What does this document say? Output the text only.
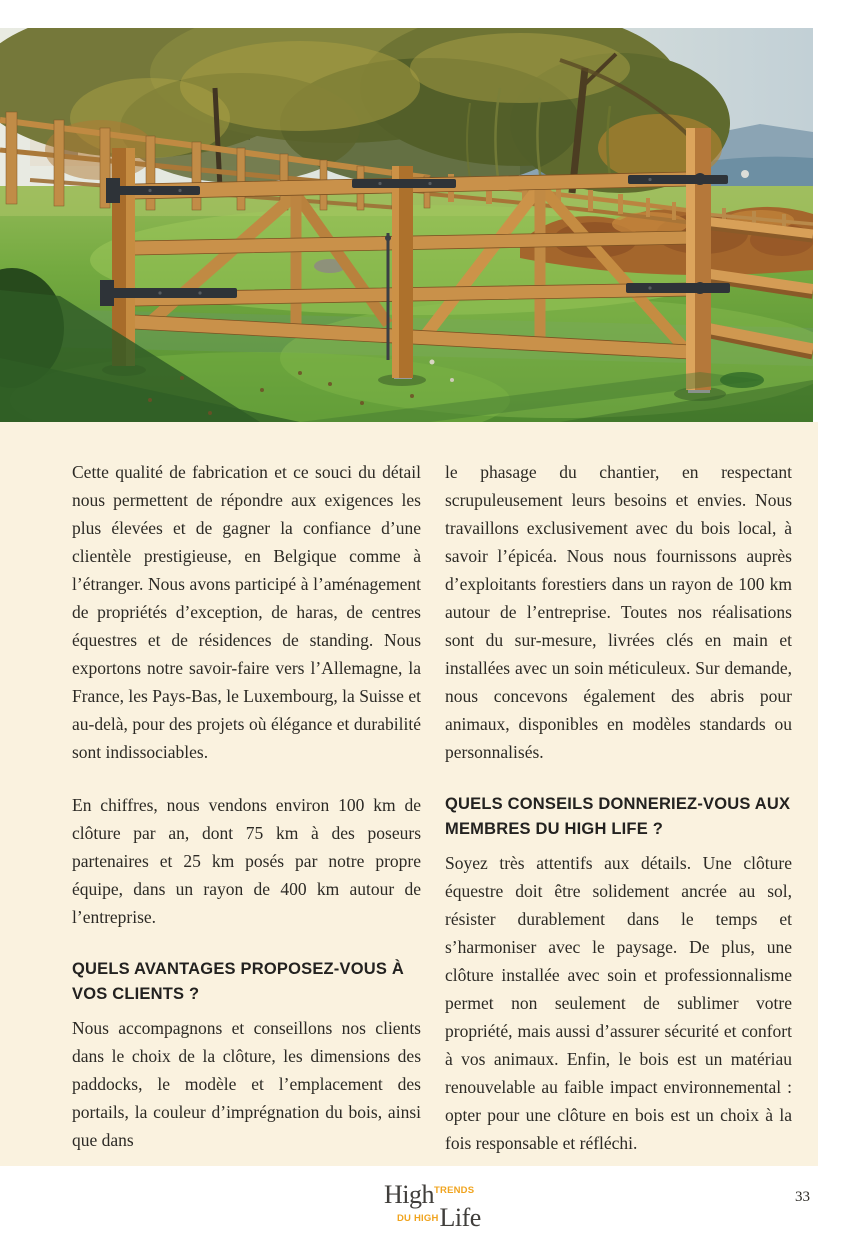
Cette qualité de fabrication et ce souci du détail nous permettent de répondre aux exigences les plus élevées et de gagner la confiance d’une clientèle prestigieuse, en Belgique comme à l’étranger. Nous avons participé à l’aménagement de propriétés d’exception, de haras, de centres équestres et de résidences de standing. Nous exportons notre savoir-faire vers l’Allemagne, la France, les Pays-Bas, le Luxembourg, la Suisse et au-delà, pour des projets où élégance et durabilité sont indissociables.

En chiffres, nous vendons environ 100 km de clôture par an, dont 75 km à des poseurs partenaires et 25 km posés par notre propre équipe, dans un rayon de 400 km autour de l’entreprise.

QUELS AVANTAGES PROPOSEZ-VOUS À VOS CLIENTS ?

Nous accompagnons et conseillons nos clients dans le choix de la clôture, les dimensions des paddocks, le modèle et l’emplacement des portails, la couleur d’imprégnation du bois, ainsi que dans

le phasage du chantier, en respectant scrupuleusement leurs besoins et envies. Nous travaillons exclusivement avec du bois local, à savoir l’épicéa. Nous nous fournissons auprès d’exploitants forestiers dans un rayon de 100 km autour de l’entreprise. Toutes nos réalisations sont du sur-mesure, livrées clés en main et installées avec un soin méticuleux. Sur demande, nous concevons également des abris pour animaux, disponibles en modèles standards ou personnalisés.

QUELS CONSEILS DONNERIEZ-VOUS AUX MEMBRES DU HIGH LIFE ?

Soyez très attentifs aux détails. Une clôture équestre doit être solidement ancrée au sol, résister durablement dans le temps et s’harmoniser avec le paysage. De plus, une clôture installée avec soin et professionnalisme permet non seulement de sublimer votre propriété, mais aussi d’assurer sécurité et confort à vos animaux. Enfin, le bois est un matériau renouvelable au faible impact environnemental : opter pour une clôture en bois est un choix à la fois responsable et réfléchi.

High TRENDS
DU HIGH Life
33
